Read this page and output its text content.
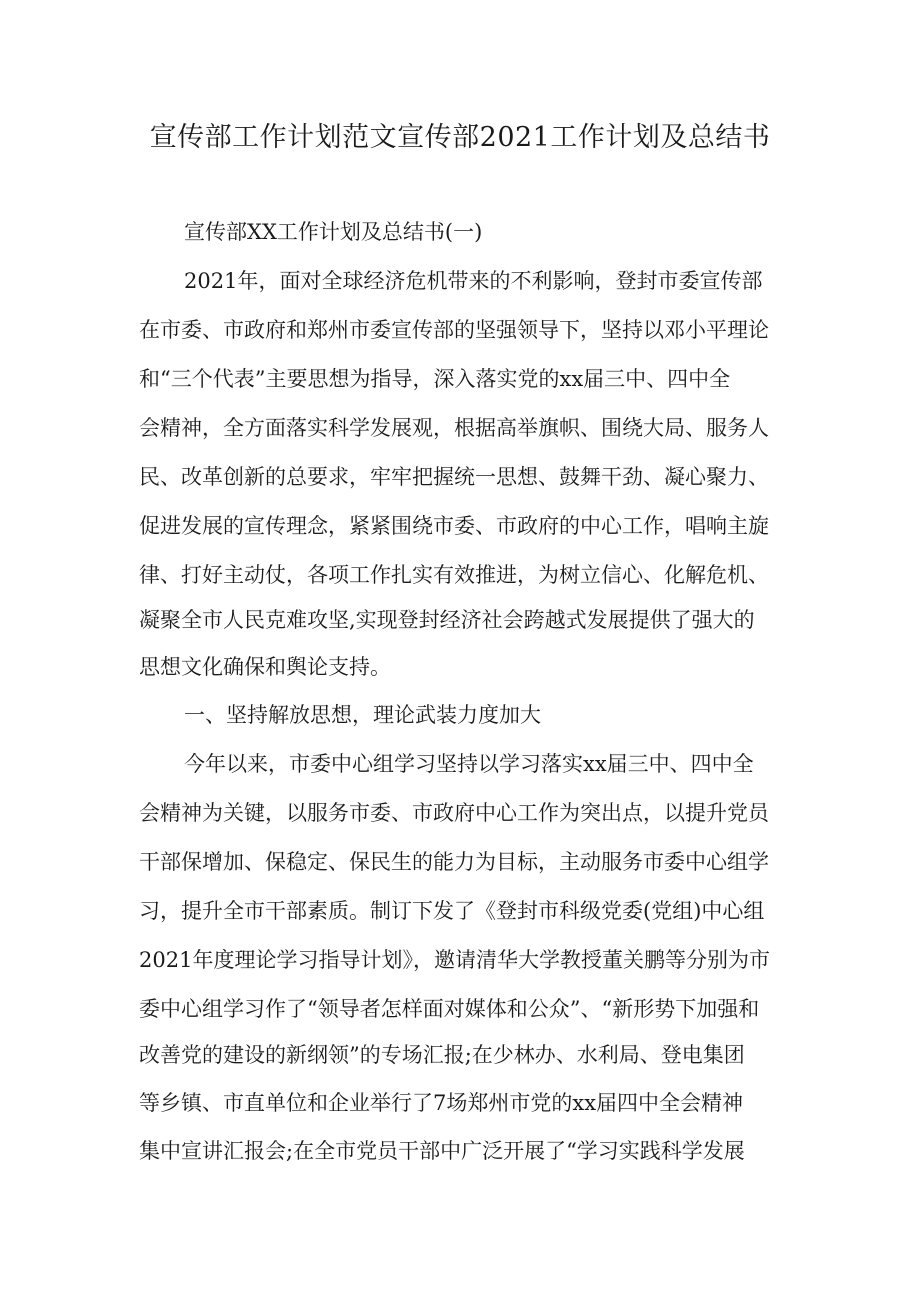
宣传部工作计划范文宣传部2021工作计划及总结书
宣传部XX工作计划及总结书(一)
2021年，面对全球经济危机带来的不利影响，登封市委宣传部
在市委、市政府和郑州市委宣传部的坚强领导下，坚持以邓小平理论
和“三个代表”主要思想为指导，深入落实党的xx届三中、四中全
会精神，全方面落实科学发展观，根据高举旗帜、围绕大局、服务人
民、改革创新的总要求，牢牢把握统一思想、鼓舞干劲、凝心聚力、
促进发展的宣传理念，紧紧围绕市委、市政府的中心工作，唱响主旋
律、打好主动仗，各项工作扎实有效推进，为树立信心、化解危机、
凝聚全市人民克难攻坚,实现登封经济社会跨越式发展提供了强大的
思想文化确保和舆论支持。
一、坚持解放思想，理论武装力度加大
今年以来，市委中心组学习坚持以学习落实xx届三中、四中全
会精神为关键，以服务市委、市政府中心工作为突出点，以提升党员
干部保增加、保稳定、保民生的能力为目标，主动服务市委中心组学
习，提升全市干部素质。制订下发了《登封市科级党委(党组)中心组
2021年度理论学习指导计划》，邀请清华大学教授董关鹏等分别为市
委中心组学习作了“领导者怎样面对媒体和公众”、“新形势下加强和
改善党的建设的新纲领”的专场汇报;在少林办、水利局、登电集团
等乡镇、市直单位和企业举行了7场郑州市党的xx届四中全会精神
集中宣讲汇报会;在全市党员干部中广泛开展了“学习实践科学发展
